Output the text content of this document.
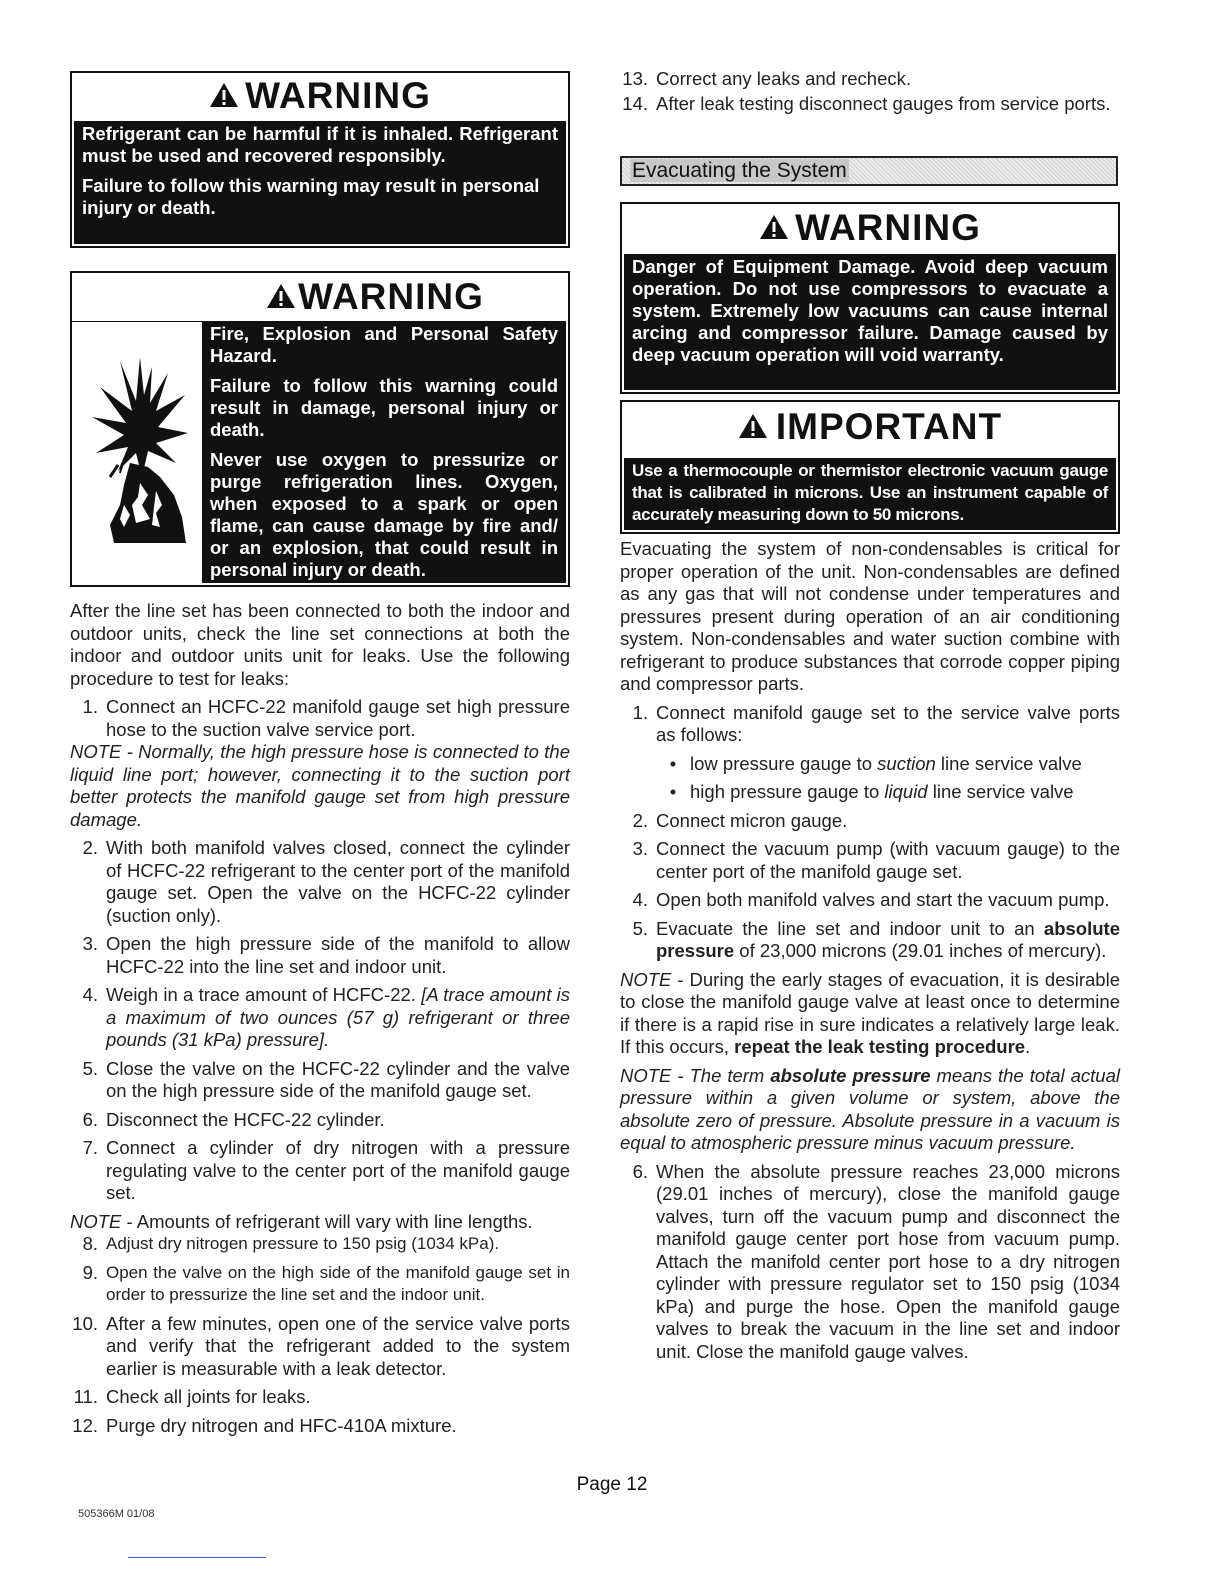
WARNING

Refrigerant can be harmful if it is inhaled. Refrigerant must be used and recovered responsibly.

Failure to follow this warning may result in personal injury or death.

WARNING

Fire, Explosion and Personal Safety Hazard.

Failure to follow this warning could result in damage, personal injury or death.

Never use oxygen to pressurize or purge refrigeration lines. Oxygen, when exposed to a spark or open flame, can cause damage by fire and/ or an explosion, that could result in personal injury or death.

After the line set has been connected to both the indoor and outdoor units, check the line set connections at both the indoor and outdoor units unit for leaks. Use the following procedure to test for leaks:

1. Connect an HCFC-22 manifold gauge set high pressure hose to the suction valve service port.

NOTE - Normally, the high pressure hose is connected to the liquid line port; however, connecting it to the suction port better protects the manifold gauge set from high pressure damage.

2. With both manifold valves closed, connect the cylinder of HCFC-22 refrigerant to the center port of the manifold gauge set. Open the valve on the HCFC-22 cylinder (suction only).
3. Open the high pressure side of the manifold to allow HCFC-22 into the line set and indoor unit.
4. Weigh in a trace amount of HCFC-22. [A trace amount is a maximum of two ounces (57 g) refrigerant or three pounds (31 kPa) pressure].
5. Close the valve on the HCFC-22 cylinder and the valve on the high pressure side of the manifold gauge set.
6. Disconnect the HCFC-22 cylinder.
7. Connect a cylinder of dry nitrogen with a pressure regulating valve to the center port of the manifold gauge set.

NOTE - Amounts of refrigerant will vary with line lengths.

8. Adjust dry nitrogen pressure to 150 psig (1034 kPa).
9. Open the valve on the high side of the manifold gauge set in order to pressurize the line set and the indoor unit.
10. After a few minutes, open one of the service valve ports and verify that the refrigerant added to the system earlier is measurable with a leak detector.
11. Check all joints for leaks.
12. Purge dry nitrogen and HFC-410A mixture.
13. Correct any leaks and recheck.
14. After leak testing disconnect gauges from service ports.
Evacuating the System
WARNING

Danger of Equipment Damage. Avoid deep vacuum operation. Do not use compressors to evacuate a system. Extremely low vacuums can cause internal arcing and compressor failure. Damage caused by deep vacuum operation will void warranty.

IMPORTANT

Use a thermocouple or thermistor electronic vacuum gauge that is calibrated in microns. Use an instrument capable of accurately measuring down to 50 microns.

Evacuating the system of non-condensables is critical for proper operation of the unit. Non-condensables are defined as any gas that will not condense under temperatures and pressures present during operation of an air conditioning system. Non-condensables and water suction combine with refrigerant to produce substances that corrode copper piping and compressor parts.

1. Connect manifold gauge set to the service valve ports as follows:
• low pressure gauge to suction line service valve
• high pressure gauge to liquid line service valve
2. Connect micron gauge.
3. Connect the vacuum pump (with vacuum gauge) to the center port of the manifold gauge set.
4. Open both manifold valves and start the vacuum pump.
5. Evacuate the line set and indoor unit to an absolute pressure of 23,000 microns (29.01 inches of mercury).

NOTE - During the early stages of evacuation, it is desirable to close the manifold gauge valve at least once to determine if there is a rapid rise in sure indicates a relatively large leak. If this occurs, repeat the leak testing procedure.

NOTE - The term absolute pressure means the total actual pressure within a given volume or system, above the absolute zero of pressure. Absolute pressure in a vacuum is equal to atmospheric pressure minus vacuum pressure.

6. When the absolute pressure reaches 23,000 microns (29.01 inches of mercury), close the manifold gauge valves, turn off the vacuum pump and disconnect the manifold gauge center port hose from vacuum pump. Attach the manifold center port hose to a dry nitrogen cylinder with pressure regulator set to 150 psig (1034 kPa) and purge the hose. Open the manifold gauge valves to break the vacuum in the line set and indoor unit. Close the manifold gauge valves.
Page 12
505366M 01/08
